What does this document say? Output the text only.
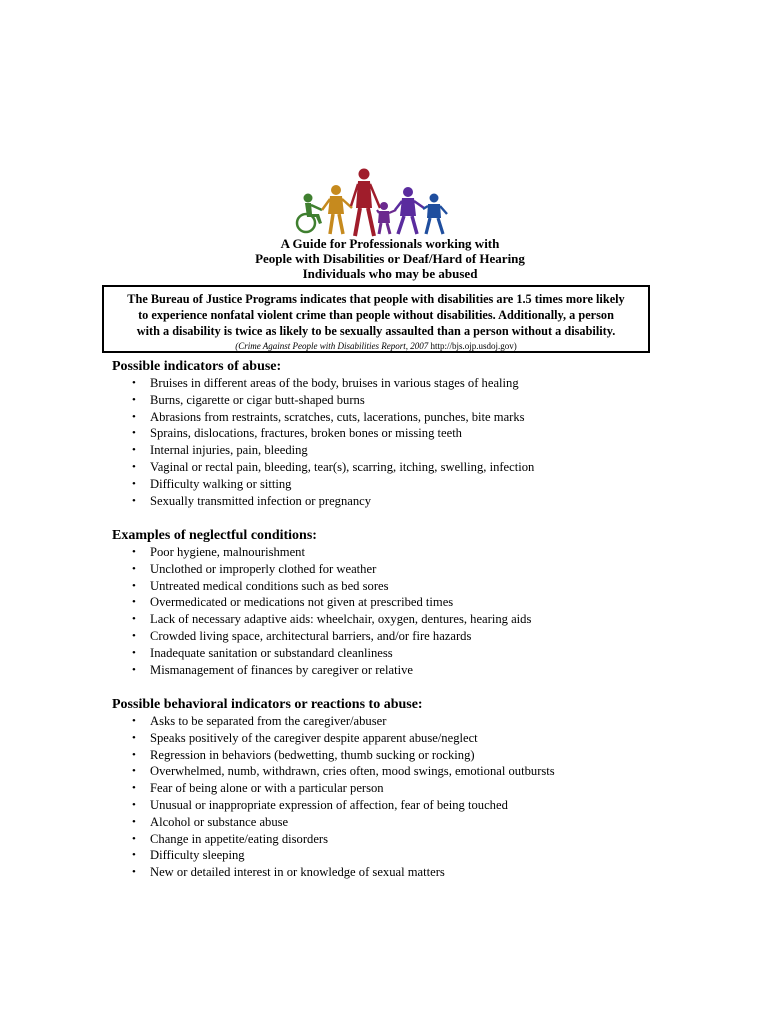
A Guide for Professionals working with
People with Disabilities or Deaf/Hard of Hearing
Individuals who may be abused
The Bureau of Justice Programs indicates that people with disabilities are 1.5 times more likely
to experience nonfatal violent crime than people without disabilities. Additionally, a person
with a disability is twice as likely to be sexually assaulted than a person without a disability.
(Crime Against People with Disabilities Report, 2007 http://bjs.ojp.usdoj.gov)
Possible indicators of abuse:
• Bruises in different areas of the body, bruises in various stages of healing
• Burns, cigarette or cigar butt-shaped burns
• Abrasions from restraints, scratches, cuts, lacerations, punches, bite marks
• Sprains, dislocations, fractures, broken bones or missing teeth
• Internal injuries, pain, bleeding
• Vaginal or rectal pain, bleeding, tear(s), scarring, itching, swelling, infection
• Difficulty walking or sitting
• Sexually transmitted infection or pregnancy
Examples of neglectful conditions:
• Poor hygiene, malnourishment
• Unclothed or improperly clothed for weather
• Untreated medical conditions such as bed sores
• Overmedicated or medications not given at prescribed times
• Lack of necessary adaptive aids: wheelchair, oxygen, dentures, hearing aids
• Crowded living space, architectural barriers, and/or fire hazards
• Inadequate sanitation or substandard cleanliness
• Mismanagement of finances by caregiver or relative
Possible behavioral indicators or reactions to abuse:
• Asks to be separated from the caregiver/abuser
• Speaks positively of the caregiver despite apparent abuse/neglect
• Regression in behaviors (bedwetting, thumb sucking or rocking)
• Overwhelmed, numb, withdrawn, cries often, mood swings, emotional outbursts
• Fear of being alone or with a particular person
• Unusual or inappropriate expression of affection, fear of being touched
• Alcohol or substance abuse
• Change in appetite/eating disorders
• Difficulty sleeping
• New or detailed interest in or knowledge of sexual matters
